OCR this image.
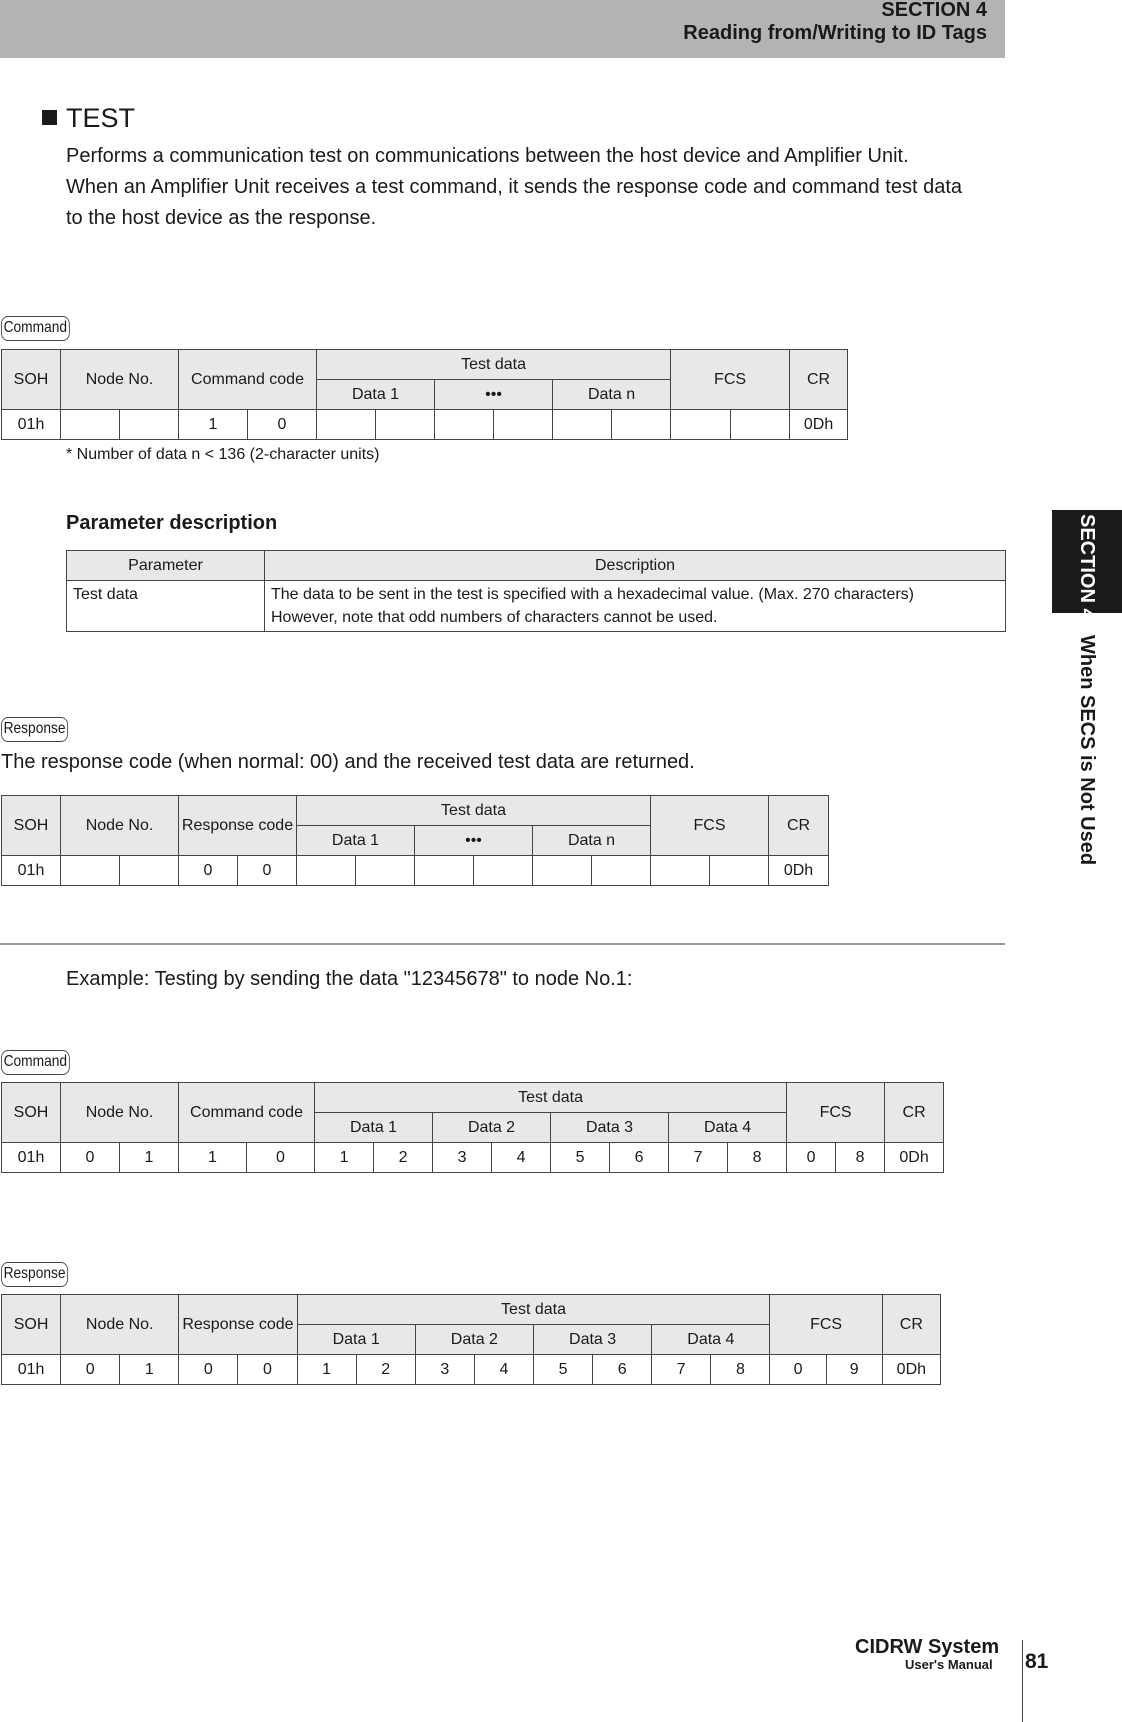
SECTION 4
Reading from/Writing to ID Tags
SECTION 4 When SECS is Not Used
TEST
Performs a communication test on communications between the host device and Amplifier Unit.
When an Amplifier Unit receives a test command, it sends the response code and command test data
to the host device as the response.
Command
SOH	Node No.		Command code		Test data						FCS		CR
					Data 1		•••		Data n				
01h			1	0									0Dh
* Number of data n < 136 (2-character units)
Parameter description
Parameter	Description
Test data	The data to be sent in the test is specified with a hexadecimal value. (Max. 270 characters)
However, note that odd numbers of characters cannot be used.
Response
The response code (when normal: 00) and the received test data are returned.
SOH	Node No.		Response code		Test data						FCS		CR
					Data 1		•••		Data n				
01h			0	0									0Dh
Example: Testing by sending the data "12345678" to node No.1:
Command
SOH	Node No.		Command code		Test data								FCS		CR
					Data 1		Data 2		Data 3		Data 4				
01h	0	1	1	0	1	2	3	4	5	6	7	8	0	8	0Dh
Response
SOH	Node No.		Response code		Test data								FCS		CR
					Data 1		Data 2		Data 3		Data 4				
01h	0	1	0	0	1	2	3	4	5	6	7	8	0	9	0Dh
CIDRW System
User's Manual 81
